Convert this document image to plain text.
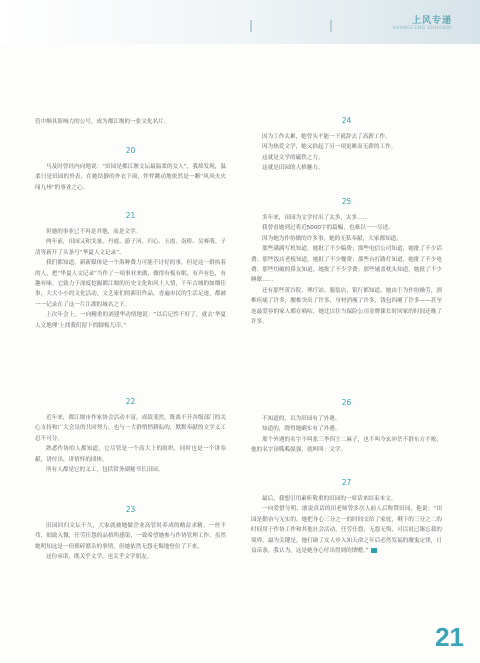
上风专递
SHANGFENG ZHUANDI

管中颇具影响力的公号，成为都江堰的一张文化名片。

20

马及时曾经内向地说：“田园是都江堰文坛最温柔的女人”，我却发现，温柔只是田园的外表，在她结静的外衣下面，怦怦跳动地依然是一颗“风风火火闯九州”的事业之心。

21

但她的事业已不再是其他，而是文学。

两年前，田园又和戈量、丹霞、游子河、归心、玉霞、南桥、吴赛萌、子清等新开了头条号“华夏人文记录”。

我们都知道，新新媒体是一个海种费力可能不讨好的事，但是这一群执着的人，把“华夏人文记录”当作了一项事业来做，做得有板有眼，有声有色，有趣有味。它致力于深度挖掘都江堰的历史文化和风土人情，千年古城的如烟往事，大大小小的文化活动，文艺家们的新旧作品，香遍市民的生活足迹，都被一一记录在了这一片江湖的城名之下。

上次年会上，一向精重的刘建华动情地说：“以后记性不好了，就去‘华夏人文地理’上找我们留下的脚板儿印。”

22

近年来，都江堰市作家协会活动丰富，成绩斐然，既离不开各级部门的关心支持和广大会员的共同努力，也与一大群悄悄耕耘的，默默奉献的文学义工息不可分。

熟悉作协的人都知道，它尽管是一个高大上的组织，同时也是一个讲奉献，讲付出，讲情怀的团体。

所有人都是它的义工，包括常务副秘书长田园。

23

田园回归文坛不久，大家就被她做企业高管时养成的精益求精、一丝不苟、细致入微，任劳任怨的品格所感染，一致希望她参与作协管理工作。虽然她明知这是一份琐碎繁杂的事情，但她依然无怨无悔地登位了下来。

这份承诺，既关乎文学，也关乎文学朋友。

24

因为工作太累，她曾头不能一下就辞去了高薪工作。

因为热爱文学，她又拾起了另一项更累而无薪的工作。

这就是文学的磁铁之力。

这就是田园的人格魅力。

25

多年来，田园为文学付出了太多，太多……

我曾看她到过将近5000字的篇幅，也难以一一尽述。

因为她为作协做的许多事，她的无私奉献，大家都知道。

那些满满写机知道，她批了不少稿费；那些电信公司知道，她批了不少话费；那些饭店老板知道，她批了不少餐费；那些台打路灯知道，她批了不少电费；那些切破的鼻友知道，她批了不少学费；那些辅盖枕头知道，她批了不少睡眠……

还有那些黄谷院、理疗站、服装店、银行都知道，她由于为作协操劳，颈椎疾痛了许多，腰椎突出了许多，身材消瘦了许多，钱包四瘪了许多——甚至连最爱容的家人都在嘀咕，她比以往当保险公司金牌课长时回家的时间还晚了许多。

26

不知道的，以为田园有了外遇。

知道的，晓得她确实有了外遇。

那个外遇的名字不叫张三李四王二麻子，也不叫今玄冲岳不群东方不败，他的名字顶呱呱强强，就叫叫：文学。

27

最后，我想引用素昕敬重的田园的一席话来结束本文。

一向爱惜分明、敢说真话的田老师曾多次人前人后称赞田园，他说：“田园是勤奋与无实的，她把身心三分之一的时间交给了家庭，剩下的三分之二的时间用于作协工作和其他社会活动，任劳任怨，无怨无悔，可以说已臻忘我的境界，最为关键是，她打破了女人步入知天命之年后必然发福的魔鬼定律，日益苗条，我认为，这是她身心付出得到的馈赠。”

21
